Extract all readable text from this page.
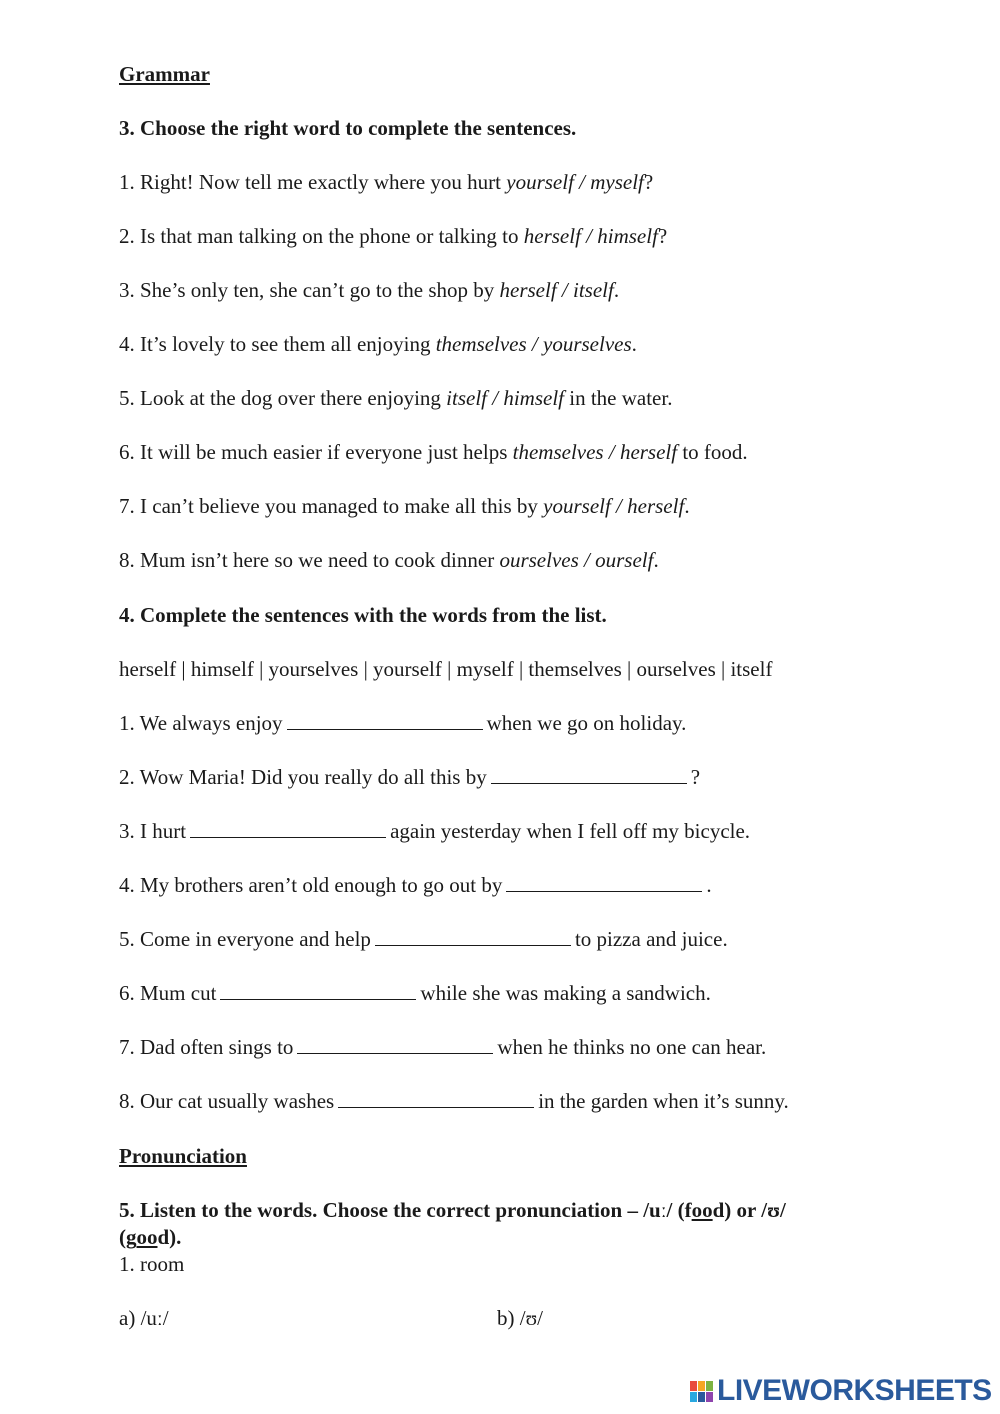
Grammar

3. Choose the right word to complete the sentences.

1. Right! Now tell me exactly where you hurt yourself / myself?

2. Is that man talking on the phone or talking to herself / himself?

3. She’s only ten, she can’t go to the shop by herself / itself.

4. It’s lovely to see them all enjoying themselves / yourselves.

5. Look at the dog over there enjoying itself / himself in the water.

6. It will be much easier if everyone just helps themselves / herself to food.

7. I can’t believe you managed to make all this by yourself / herself.

8. Mum isn’t here so we need to cook dinner ourselves / ourself.

4. Complete the sentences with the words from the list.

herself | himself | yourselves | yourself | myself | themselves | ourselves | itself

1. We always enjoy	when we go on holiday.

2. Wow Maria! Did you really do all this by	?

3. I hurt	again yesterday when I fell off my bicycle.

4. My brothers aren’t old enough to go out by	.

5. Come in everyone and help	to pizza and juice.

6. Mum cut	while she was making a sandwich.

7. Dad often sings to	when he thinks no one can hear.

8. Our cat usually washes	in the garden when it’s sunny.

Pronunciation

5. Listen to the words. Choose the correct pronunciation – /uː/ (food) or /ʊ/

(good).

1. room

a) /uː/	b) /ʊ/

LIVEWORKSHEETS
